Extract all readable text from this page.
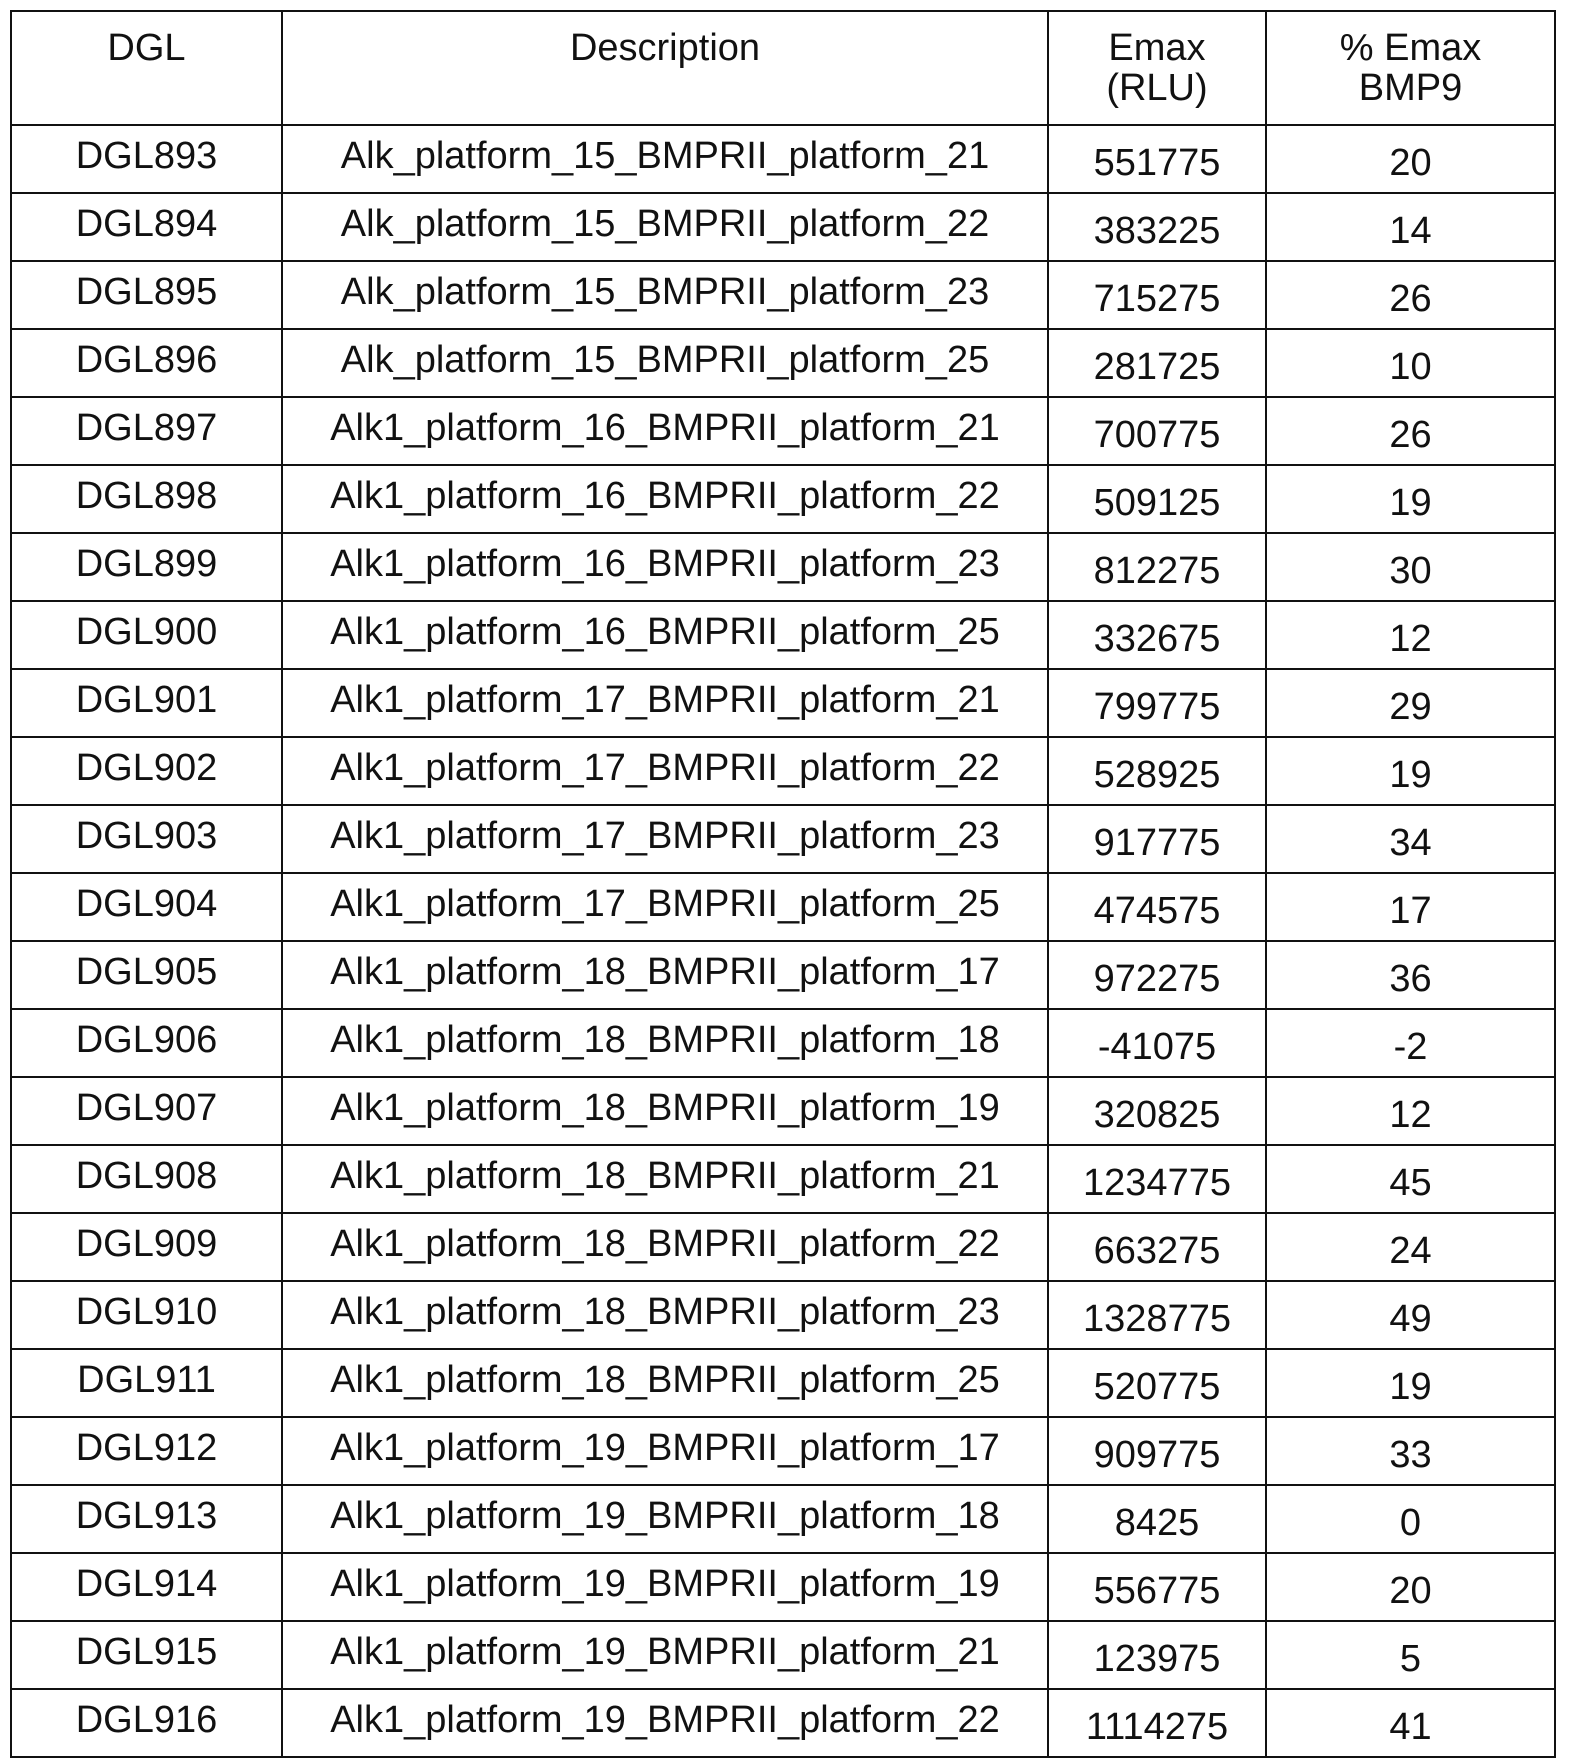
DGL	Description	Emax
(RLU)	% Emax
BMP9
DGL893	Alk_platform_15_BMPRII_platform_21	551775	20
DGL894	Alk_platform_15_BMPRII_platform_22	383225	14
DGL895	Alk_platform_15_BMPRII_platform_23	715275	26
DGL896	Alk_platform_15_BMPRII_platform_25	281725	10
DGL897	Alk1_platform_16_BMPRII_platform_21	700775	26
DGL898	Alk1_platform_16_BMPRII_platform_22	509125	19
DGL899	Alk1_platform_16_BMPRII_platform_23	812275	30
DGL900	Alk1_platform_16_BMPRII_platform_25	332675	12
DGL901	Alk1_platform_17_BMPRII_platform_21	799775	29
DGL902	Alk1_platform_17_BMPRII_platform_22	528925	19
DGL903	Alk1_platform_17_BMPRII_platform_23	917775	34
DGL904	Alk1_platform_17_BMPRII_platform_25	474575	17
DGL905	Alk1_platform_18_BMPRII_platform_17	972275	36
DGL906	Alk1_platform_18_BMPRII_platform_18	-41075	-2
DGL907	Alk1_platform_18_BMPRII_platform_19	320825	12
DGL908	Alk1_platform_18_BMPRII_platform_21	1234775	45
DGL909	Alk1_platform_18_BMPRII_platform_22	663275	24
DGL910	Alk1_platform_18_BMPRII_platform_23	1328775	49
DGL911	Alk1_platform_18_BMPRII_platform_25	520775	19
DGL912	Alk1_platform_19_BMPRII_platform_17	909775	33
DGL913	Alk1_platform_19_BMPRII_platform_18	8425	0
DGL914	Alk1_platform_19_BMPRII_platform_19	556775	20
DGL915	Alk1_platform_19_BMPRII_platform_21	123975	5
DGL916	Alk1_platform_19_BMPRII_platform_22	1114275	41
